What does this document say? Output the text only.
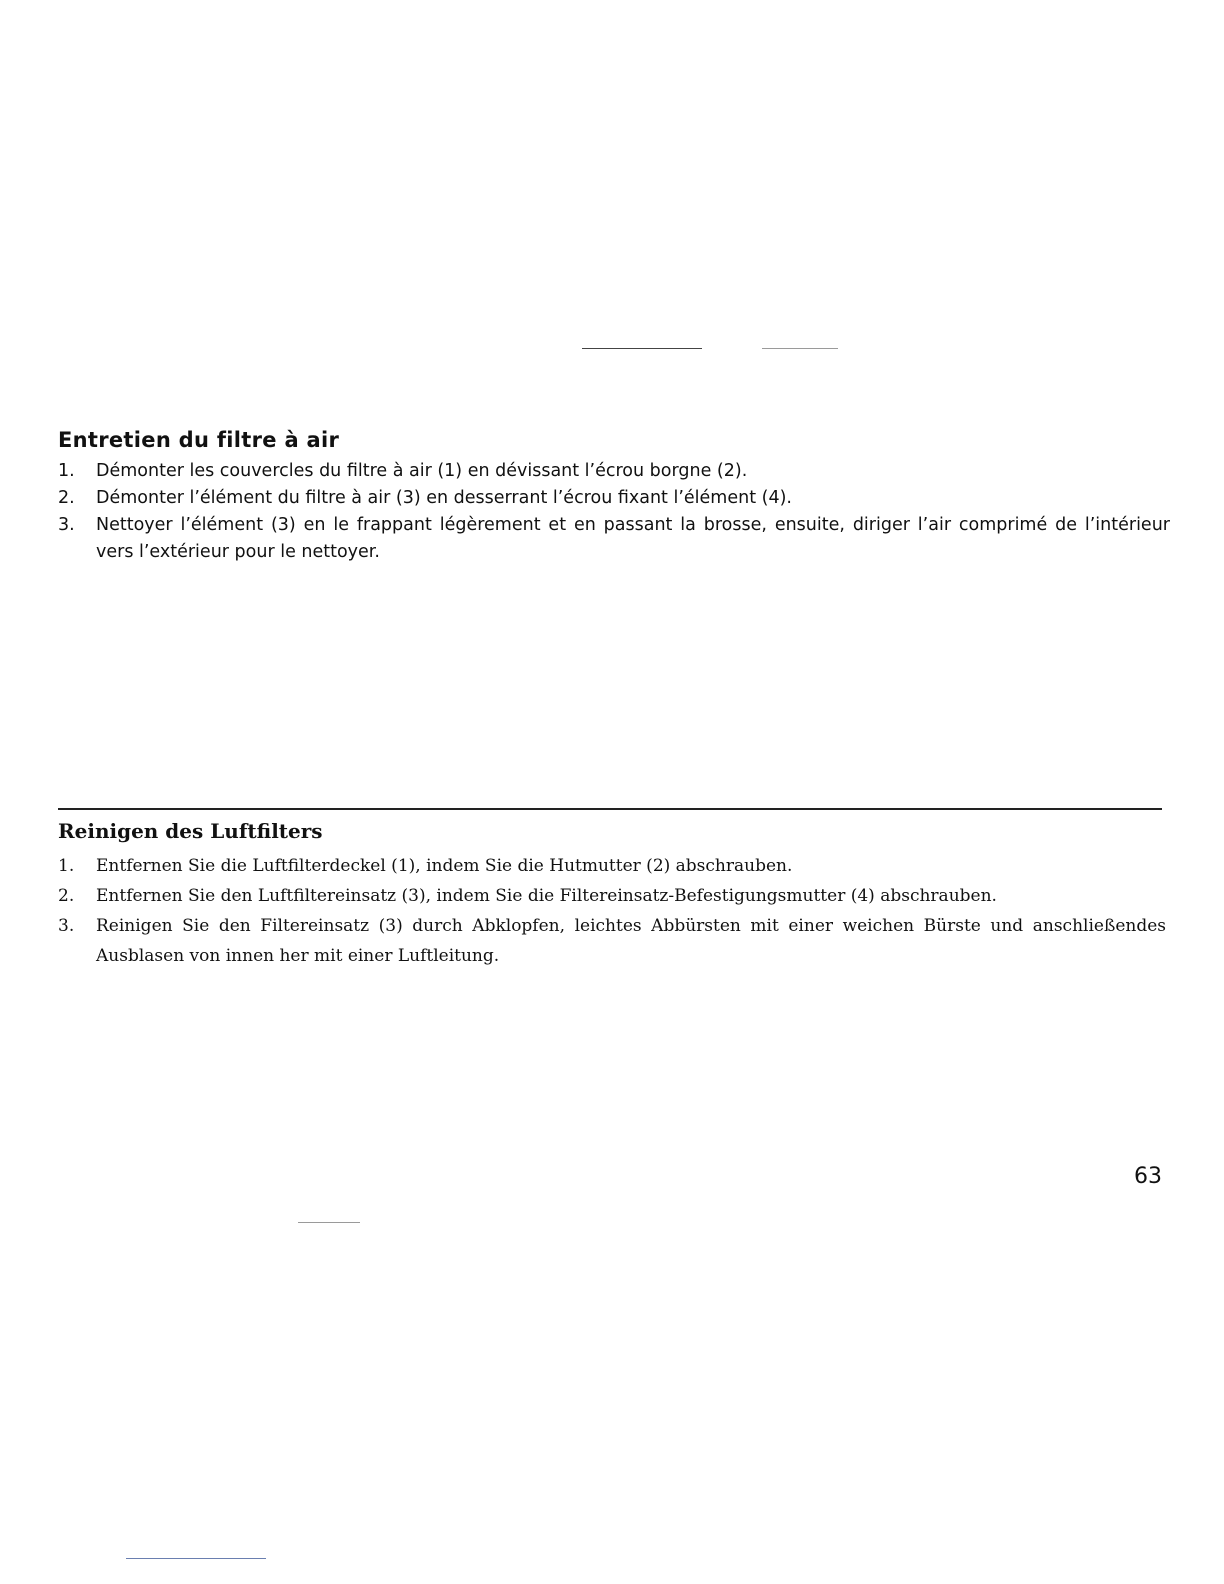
Entretien du filtre à air
1.	Démonter les couvercles du filtre à air (1) en dévissant l’écrou borgne (2).
2.	Démonter l’élément du filtre à air (3) en desserrant l’écrou fixant l’élément (4).
3.	Nettoyer l’élément (3) en le frappant légèrement et en passant la brosse, ensuite, diriger l’air comprimé de l’intérieur vers l’extérieur pour le nettoyer.
Reinigen des Luftfilters
1.	Entfernen Sie die Luftfilterdeckel (1), indem Sie die Hutmutter (2) abschrauben.
2.	Entfernen Sie den Luftfiltereinsatz (3), indem Sie die Filtereinsatz-Befestigungsmutter (4) abschrauben.
3.	Reinigen Sie den Filtereinsatz (3) durch Abklopfen, leichtes Abbürsten mit einer weichen Bürste und anschließendes Ausblasen von innen her mit einer Luftleitung.
63
